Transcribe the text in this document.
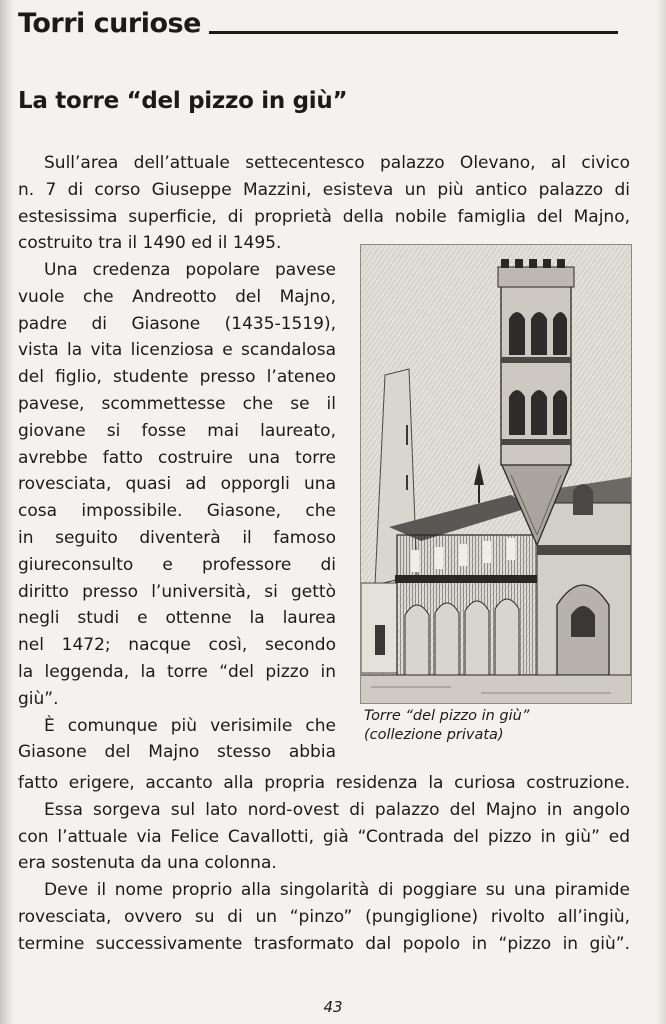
Torri curiose
La torre “del pizzo in giù”

Sull’area dell’attuale settecentesco palazzo Olevano, al civico

n. 7 di corso Giuseppe Mazzini, esisteva un più antico palazzo di

estesissima superficie, di proprietà della nobile famiglia del Majno,

costruito tra il 1490 ed il 1495.

Una credenza popolare pavese

vuole che Andreotto del Majno,

padre di Giasone (1435-1519),

vista la vita licenziosa e scandalosa

del figlio, studente presso l’ateneo

pavese, scommettesse che se il

giovane si fosse mai laureato,

avrebbe fatto costruire una torre

rovesciata, quasi ad opporgli una

cosa impossibile. Giasone, che

in seguito diventerà il famoso

giureconsulto e professore di

diritto presso l’università, si gettò

negli studi e ottenne la laurea

nel 1472; nacque così, secondo

la leggenda, la torre “del pizzo in

giù”.

È comunque più verisimile che

Giasone del Majno stesso abbia

Torre “del pizzo in giù”

(collezione privata)

fatto erigere, accanto alla propria residenza la curiosa costruzione.

Essa sorgeva sul lato nord-ovest di palazzo del Majno in angolo

con l’attuale via Felice Cavallotti, già “Contrada del pizzo in giù” ed

era sostenuta da una colonna.

Deve il nome proprio alla singolarità di poggiare su una piramide

rovesciata, ovvero su di un “pinzo” (pungiglione) rivolto all’ingiù,

termine successivamente trasformato dal popolo in “pizzo in giù”.

43
